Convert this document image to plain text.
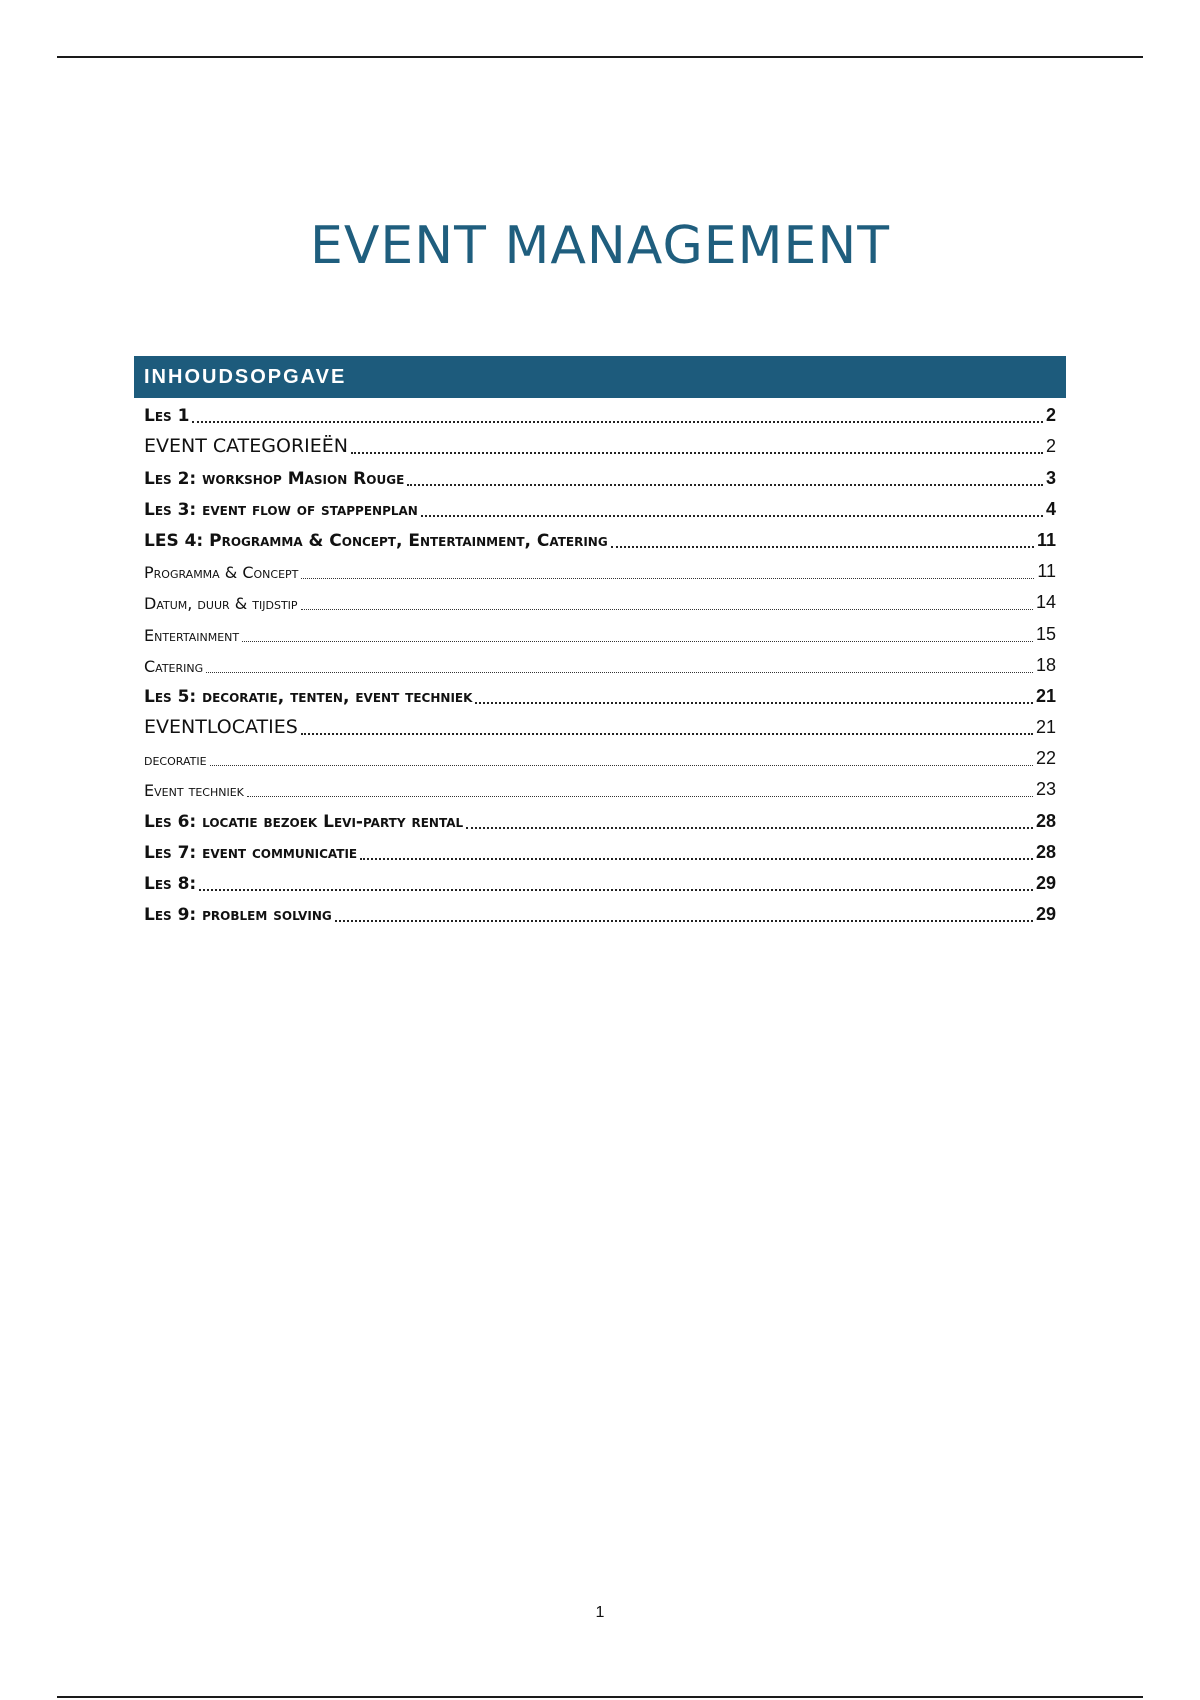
EVENT MANAGEMENT
INHOUDSOPGAVE
Les 1	2
EVENT CATEGORIEËN	2
Les 2: workshop Masion Rouge	3
Les 3: event flow of stappenplan	4
LES 4: Programma & Concept, Entertainment, Catering	11
Programma & Concept	11
Datum, duur & tijdstip	14
Entertainment	15
Catering	18
Les 5: decoratie, tenten, event techniek	21
EVENTLOCATIES	21
decoratie	22
Event techniek	23
Les 6: locatie bezoek Levi-party rental	28
Les 7: event communicatie	28
Les 8:	29
Les 9: problem solving	29
1
